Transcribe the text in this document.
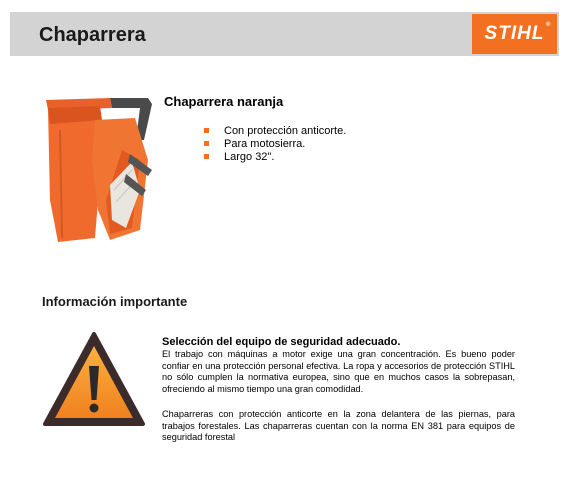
Chaparrera	STIHL ®
Chaparrera naranja
Con protección anticorte.
Para motosierra.
Largo 32".
Información importante
Selección del equipo de seguridad adecuado.

El trabajo con máquinas a motor exige una gran concentración. Es bueno poder confiar en una protección personal efectiva. La ropa y accesorios de protección STIHL no sólo cumplen la normativa europea, sino que en muchos casos la sobrepasan, ofreciendo al mismo tiempo una gran comodidad.

Chaparreras con protección anticorte en la zona delantera de las piernas, para trabajos forestales. Las chaparreras cuentan con la norma EN 381 para equipos de seguridad forestal
